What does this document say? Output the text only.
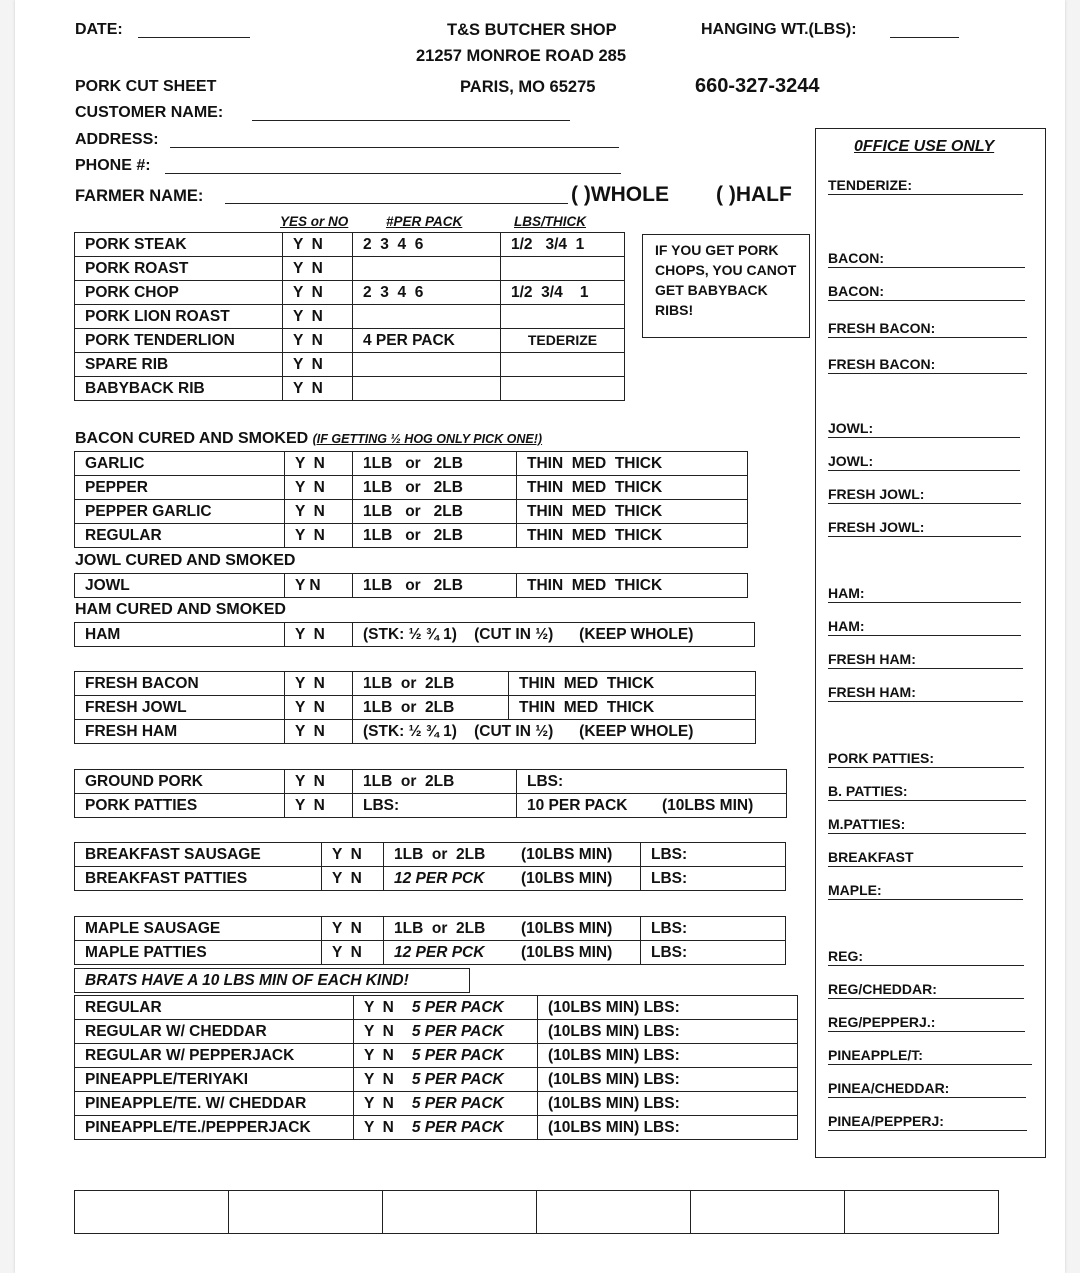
DATE:	T&S BUTCHER SHOP
21257 MONROE ROAD 285
PARIS, MO 65275	660-327-3244
HANGING WT.(LBS):
PORK CUT SHEET
CUSTOMER NAME:
ADDRESS:
PHONE #:
FARMER NAME:	( )WHOLE ( )HALF
YES or NO	#PER PACK	LBS/THICK
PORK STEAK	Y  N	2  3  4  6	1/2   3/4  1
PORK ROAST	Y  N		
PORK CHOP	Y  N	2  3  4  6	1/2  3/4    1
PORK LION ROAST	Y  N		
PORK TENDERLION	Y  N	4 PER PACK	TEDERIZE
SPARE RIB	Y  N		
BABYBACK RIB	Y  N		
IF YOU GET PORK CHOPS, YOU CANOT GET BABYBACK RIBS!
BACON CURED AND SMOKED (IF GETTING ½ HOG ONLY PICK ONE!)
GARLIC	Y  N	1LB   or   2LB	THIN  MED  THICK
PEPPER	Y  N	1LB   or   2LB	THIN  MED  THICK
PEPPER GARLIC	Y  N	1LB   or   2LB	THIN  MED  THICK
REGULAR	Y  N	1LB   or   2LB	THIN  MED  THICK
JOWL CURED AND SMOKED
JOWL	Y N	1LB   or   2LB	THIN  MED  THICK
HAM CURED AND SMOKED
HAM	Y  N	(STK: ½ ¾ 1)    (CUT IN ½)      (KEEP WHOLE)
FRESH BACON	Y  N	1LB  or  2LB	THIN  MED  THICK
FRESH JOWL	Y  N	1LB  or  2LB	THIN  MED  THICK
FRESH HAM	Y  N	(STK: ½ ¾ 1)    (CUT IN ½)      (KEEP WHOLE)	
GROUND PORK	Y  N	1LB  or  2LB	LBS:
PORK PATTIES	Y  N	LBS:	10 PER PACK        (10LBS MIN)
BREAKFAST SAUSAGE	Y  N	1LB  or  2LB	(10LBS MIN)	LBS:
BREAKFAST PATTIES	Y  N	12 PER PCK	(10LBS MIN)	LBS:
MAPLE SAUSAGE	Y  N	1LB  or  2LB	(10LBS MIN)	LBS:
MAPLE PATTIES	Y  N	12 PER PCK	(10LBS MIN)	LBS:
BRATS HAVE A 10 LBS MIN OF EACH KIND!
REGULAR	Y  N 5 PER PACK	(10LBS MIN) LBS:
REGULAR W/ CHEDDAR	Y  N 5 PER PACK	(10LBS MIN) LBS:
REGULAR W/ PEPPERJACK	Y  N 5 PER PACK	(10LBS MIN) LBS:
PINEAPPLE/TERIYAKI	Y  N 5 PER PACK	(10LBS MIN) LBS:
PINEAPPLE/TE. W/ CHEDDAR	Y  N 5 PER PACK	(10LBS MIN) LBS:
PINEAPPLE/TE./PEPPERJACK	Y  N 5 PER PACK	(10LBS MIN) LBS:
0FFICE USE ONLY
TENDERIZE:
BACON:
BACON:
FRESH BACON:
FRESH BACON:
JOWL:
JOWL:
FRESH JOWL:
FRESH JOWL:
HAM:
HAM:
FRESH HAM:
FRESH HAM:
PORK PATTIES:
B. PATTIES:
M.PATTIES:
BREAKFAST
MAPLE:
REG:
REG/CHEDDAR:
REG/PEPPERJ.:
PINEAPPLE/T:
PINEA/CHEDDAR:
PINEA/PEPPERJ:
